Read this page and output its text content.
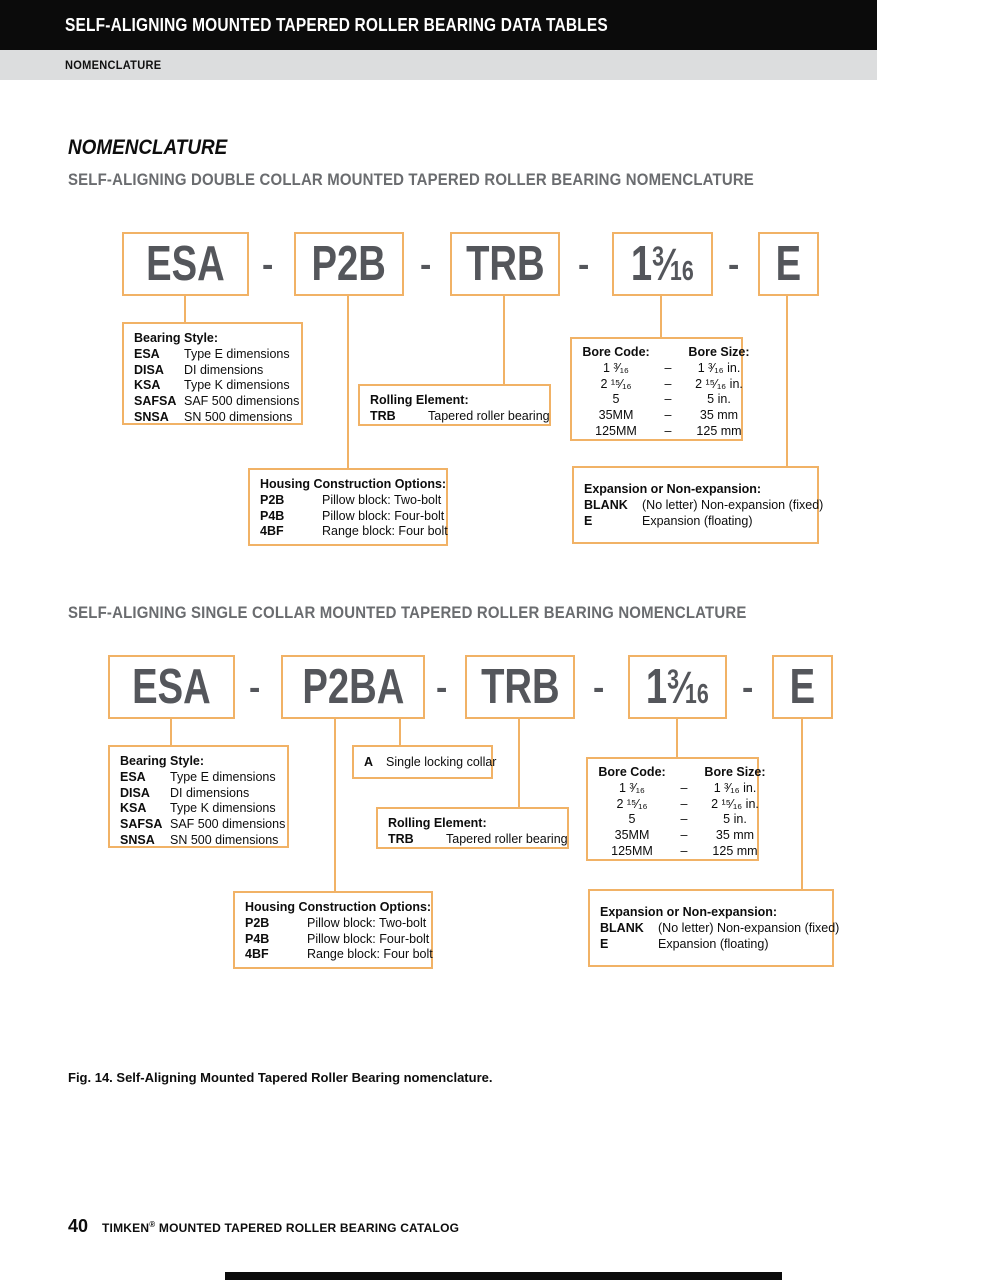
SELF-ALIGNING MOUNTED TAPERED ROLLER BEARING DATA TABLES
NOMENCLATURE
NOMENCLATURE
SELF-ALIGNING DOUBLE COLLAR MOUNTED TAPERED ROLLER BEARING NOMENCLATURE
ESA - P2B - TRB - 1$^3$⁄16 - E
Bearing Style:
ESA Type E dimensions
DISA DI dimensions
KSA Type K dimensions
SAFSA SAF 500 dimensions
SNSA SN 500 dimensions
Rolling Element:
TRB	Tapered roller bearing
Bore Code:	Bore Size:
1 ³⁄₁₆	–	1 ³⁄₁₆ in.
2 ¹⁵⁄₁₆	–	2 ¹⁵⁄₁₆ in.
5	–	5 in.
35MM	–	35 mm
125MM	–	125 mm
Housing Construction Options:
P2B	Pillow block: Two-bolt
P4B	Pillow block: Four-bolt
4BF	Range block: Four bolt
Expansion or Non-expansion:
BLANK (No letter) Non-expansion (fixed)
E	Expansion (floating)
SELF-ALIGNING SINGLE COLLAR MOUNTED TAPERED ROLLER BEARING NOMENCLATURE
ESA - P2BA - TRB - 1$^3$⁄16 - E
Bearing Style:
ESA Type E dimensions
DISA DI dimensions
KSA Type K dimensions
SAFSA SAF 500 dimensions
SNSA SN 500 dimensions
A Single locking collar
Rolling Element:
TRB	Tapered roller bearing
Bore Code:	Bore Size:
1 ³⁄₁₆	–	1 ³⁄₁₆ in.
2 ¹⁵⁄₁₆	–	2 ¹⁵⁄₁₆ in.
5	–	5 in.
35MM	–	35 mm
125MM	–	125 mm
Housing Construction Options:
P2B	Pillow block: Two-bolt
P4B	Pillow block: Four-bolt
4BF	Range block: Four bolt
Expansion or Non-expansion:
BLANK (No letter) Non-expansion (fixed)
E	Expansion (floating)
Fig. 14. Self-Aligning Mounted Tapered Roller Bearing nomenclature.
40 TIMKEN® MOUNTED TAPERED ROLLER BEARING CATALOG
